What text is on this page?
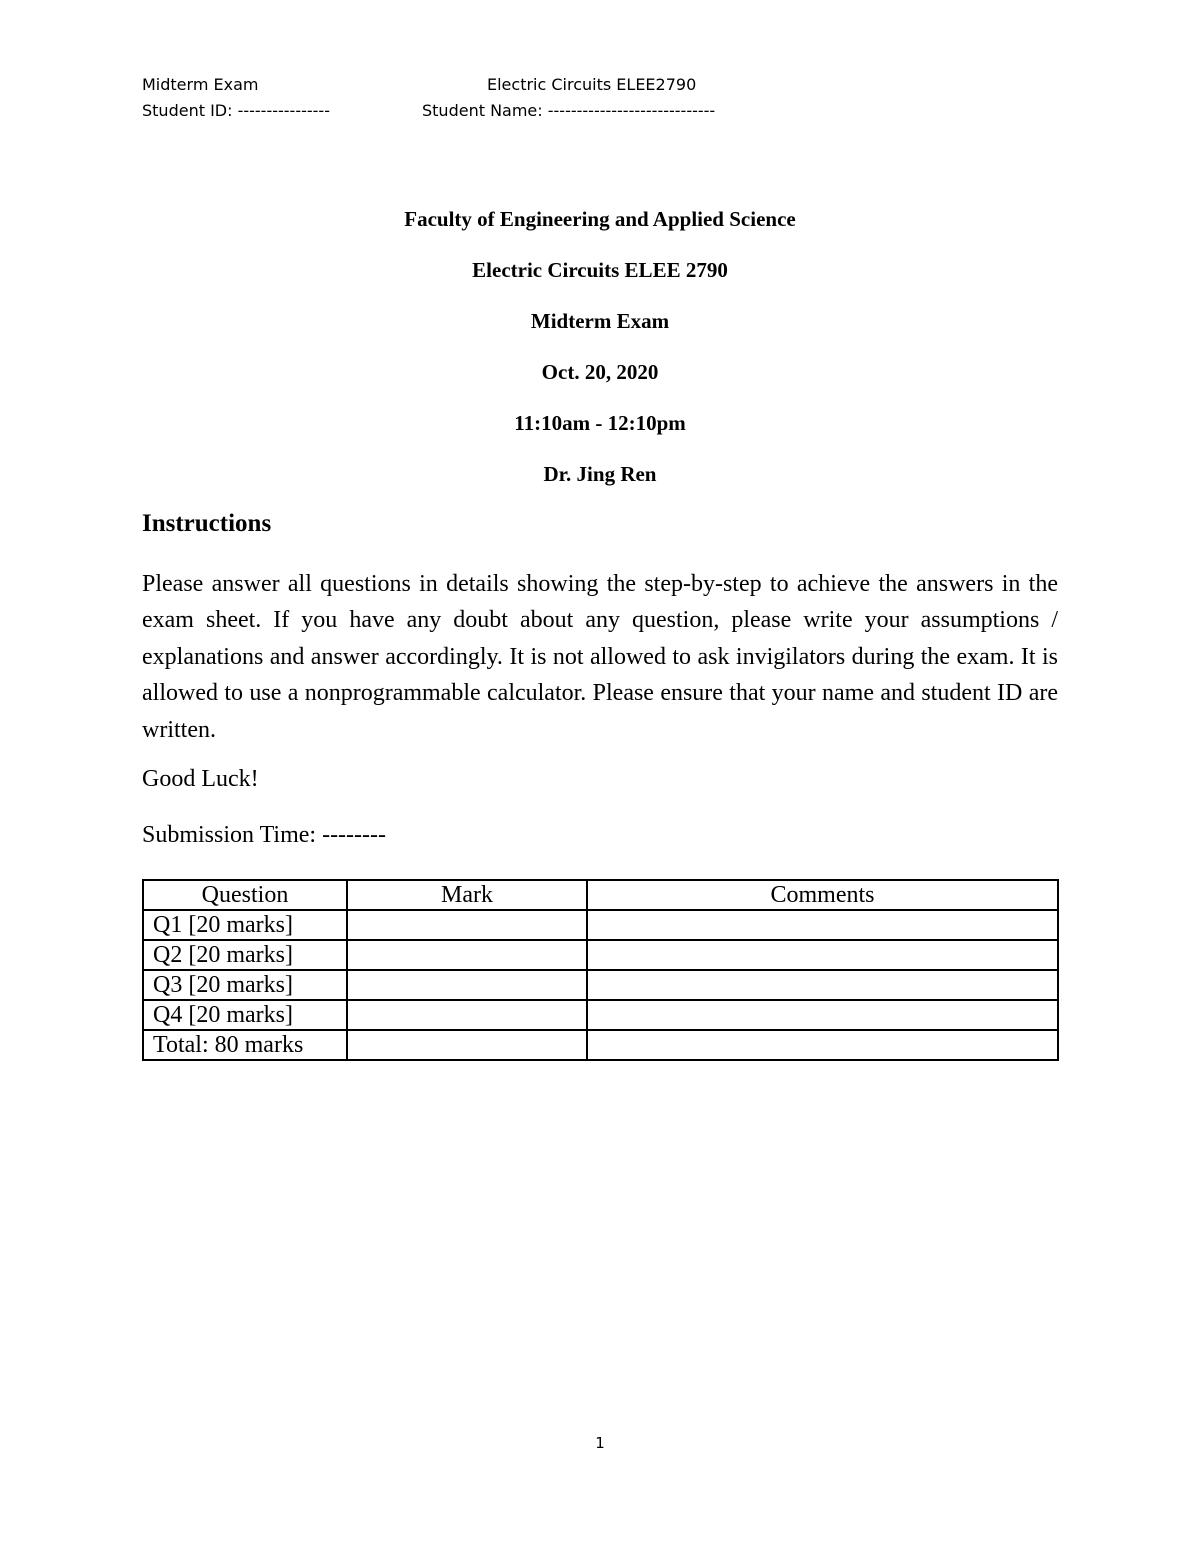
Midterm Exam	Electric Circuits ELEE2790
Student ID: ----------------	Student Name: -----------------------------
Faculty of Engineering and Applied Science
Electric Circuits ELEE 2790
Midterm Exam
Oct. 20, 2020
11:10am - 12:10pm
Dr. Jing Ren
Instructions
Please answer all questions in details showing the step-by-step to achieve the answers in the exam sheet. If you have any doubt about any question, please write your assumptions / explanations and answer accordingly. It is not allowed to ask invigilators during the exam. It is allowed to use a nonprogrammable calculator. Please ensure that your name and student ID are written.
Good Luck!
Submission Time: --------
Question	Mark	Comments
Q1 [20 marks]		
Q2 [20 marks]		
Q3 [20 marks]		
Q4 [20 marks]		
Total: 80 marks		
1
